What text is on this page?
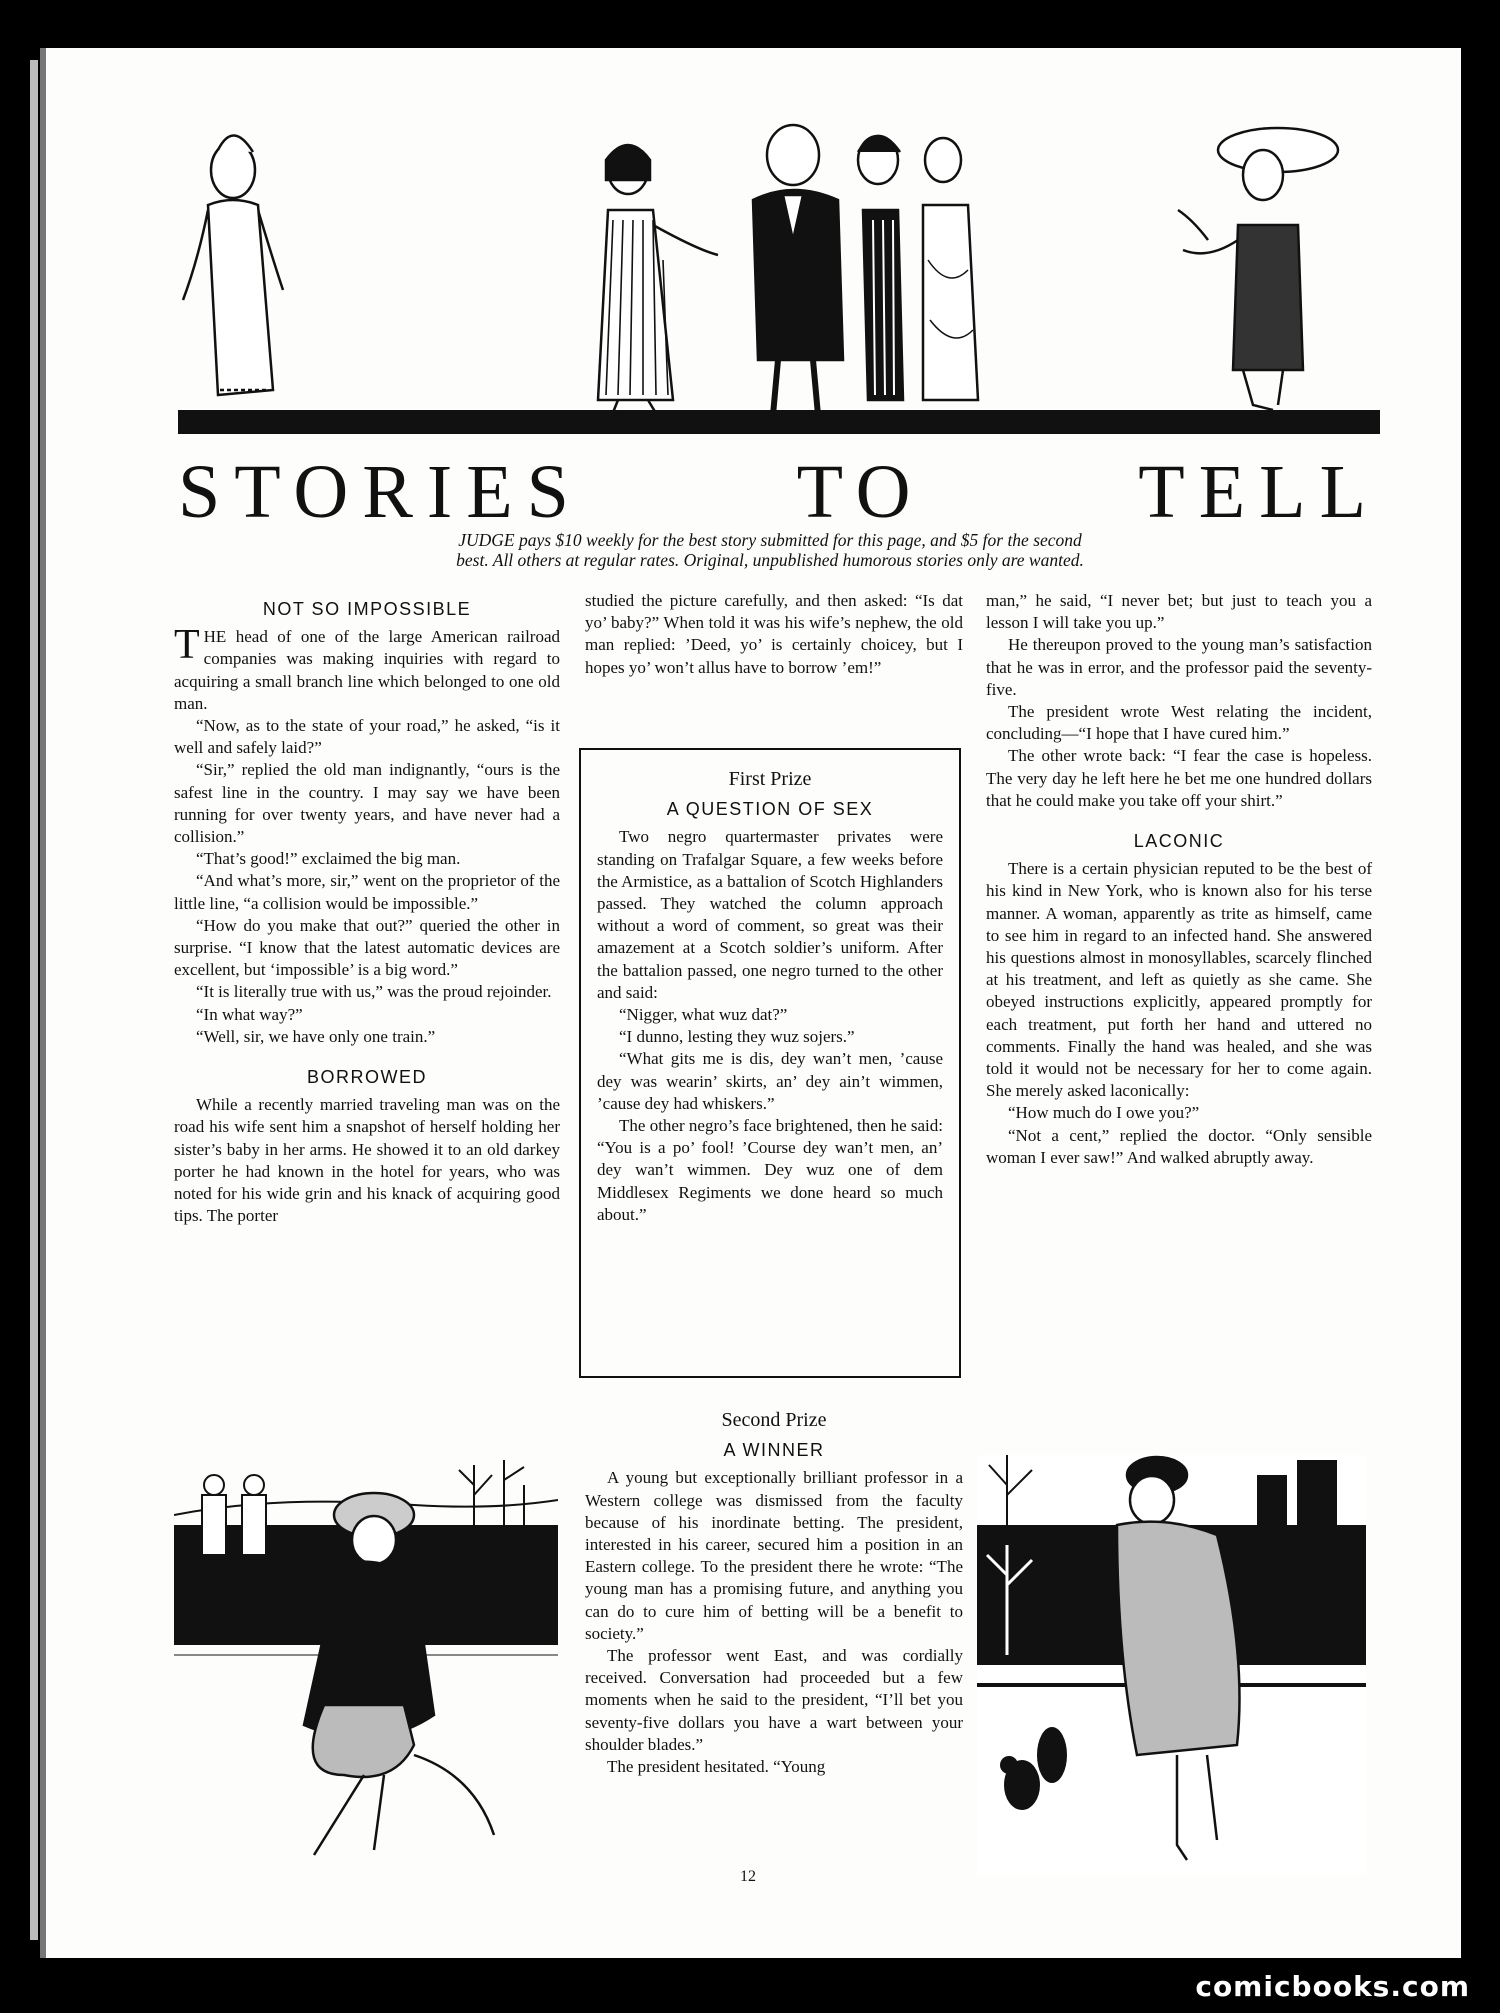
STORIES TO TELL
JUDGE pays $10 weekly for the best story submitted for this page, and $5 for the second
best. All others at regular rates. Original, unpublished humorous stories only are wanted.
NOT SO IMPOSSIBLE

THE head of one of the large American railroad companies was making inquiries with regard to acquiring a small branch line which belonged to one old man.

“Now, as to the state of your road,” he asked, “is it well and safely laid?”

“Sir,” replied the old man indignantly, “ours is the safest line in the country. I may say we have been running for over twenty years, and have never had a collision.”

“That’s good!” exclaimed the big man.

“And what’s more, sir,” went on the proprietor of the little line, “a collision would be impossible.”

“How do you make that out?” queried the other in surprise. “I know that the latest automatic devices are excellent, but ‘impossible’ is a big word.”

“It is literally true with us,” was the proud rejoinder.

“In what way?”

“Well, sir, we have only one train.”

BORROWED

While a recently married traveling man was on the road his wife sent him a snapshot of herself holding her sister’s baby in her arms. He showed it to an old darkey porter he had known in the hotel for years, who was noted for his wide grin and his knack of acquiring good tips. The porter

studied the picture carefully, and then asked: “Is dat yo’ baby?” When told it was his wife’s nephew, the old man replied: ’Deed, yo’ is certainly choicey, but I hopes yo’ won’t allus have to borrow ’em!”

First Prize
A QUESTION OF SEX

Two negro quartermaster privates were standing on Trafalgar Square, a few weeks before the Armistice, as a battalion of Scotch Highlanders passed. They watched the column approach without a word of comment, so great was their amazement at a Scotch soldier’s uniform. After the battalion passed, one negro turned to the other and said:

“Nigger, what wuz dat?”

“I dunno, lesting they wuz sojers.”

“What gits me is dis, dey wan’t men, ’cause dey was wearin’ skirts, an’ dey ain’t wimmen, ’cause dey had whiskers.”

The other negro’s face brightened, then he said: “You is a po’ fool! ’Course dey wan’t men, an’ dey wan’t wimmen. Dey wuz one of dem Middlesex Regiments we done heard so much about.”

Second Prize
A WINNER

A young but exceptionally brilliant professor in a Western college was dismissed from the faculty because of his inordinate betting. The president, interested in his career, secured him a position in an Eastern college. To the president there he wrote: “The young man has a promising future, and anything you can do to cure him of betting will be a benefit to society.”

The professor went East, and was cordially received. Conversation had proceeded but a few moments when he said to the president, “I’ll bet you seventy-five dollars you have a wart between your shoulder blades.”

The president hesitated. “Young

man,” he said, “I never bet; but just to teach you a lesson I will take you up.”

He thereupon proved to the young man’s satisfaction that he was in error, and the professor paid the seventy-five.

The president wrote West relating the incident, concluding—“I hope that I have cured him.”

The other wrote back: “I fear the case is hopeless. The very day he left here he bet me one hundred dollars that he could make you take off your shirt.”

LACONIC

There is a certain physician reputed to be the best of his kind in New York, who is known also for his terse manner. A woman, apparently as trite as himself, came to see him in regard to an infected hand. She answered his questions almost in monosyllables, scarcely flinched at his treatment, and left as quietly as she came. She obeyed instructions explicitly, appeared promptly for each treatment, put forth her hand and uttered no comments. Finally the hand was healed, and she was told it would not be necessary for her to come again. She merely asked laconically:

“How much do I owe you?”

“Not a cent,” replied the doctor. “Only sensible woman I ever saw!” And walked abruptly away.

12
comicbooks.com
